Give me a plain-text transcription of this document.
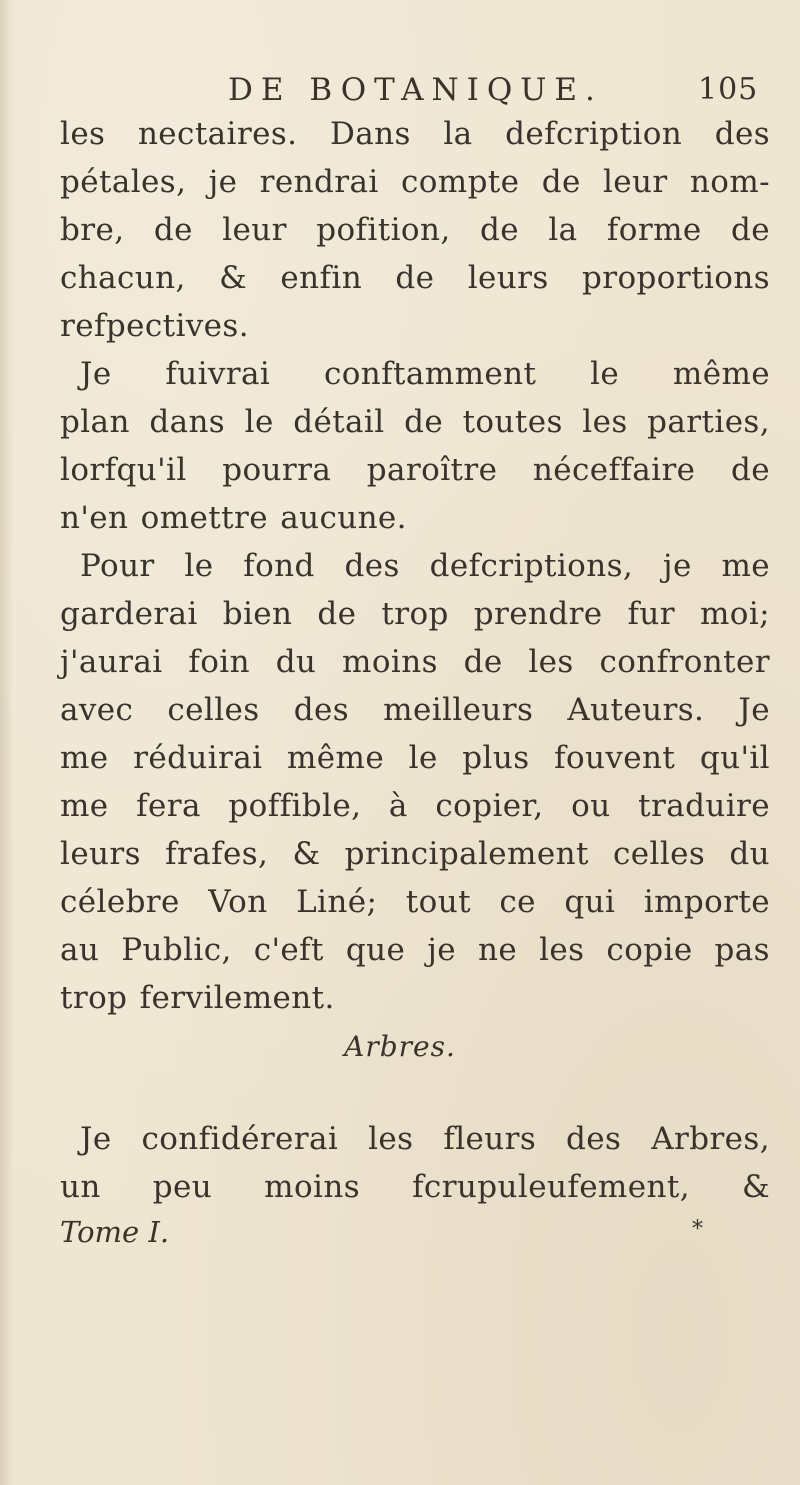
DE BOTANIQUE.	105
les nectaires. Dans la defcription des
pétales, je rendrai compte de leur nom-
bre, de leur pofition, de la forme de
chacun, & enfin de leurs proportions
refpectives.
Je fuivrai conftamment le même
plan dans le détail de toutes les parties,
lorfqu'il pourra paroître néceffaire de
n'en omettre aucune.
Pour le fond des defcriptions, je me
garderai bien de trop prendre fur moi;
j'aurai foin du moins de les confronter
avec celles des meilleurs Auteurs. Je
me réduirai même le plus fouvent qu'il
me fera poffible, à copier, ou traduire
leurs frafes, & principalement celles du
célebre Von Liné; tout ce qui importe
au Public, c'eft que je ne les copie pas
trop fervilement.
Arbres.
Je confidérerai les fleurs des Arbres,
un peu moins fcrupuleufement, &
Tome I.	*
